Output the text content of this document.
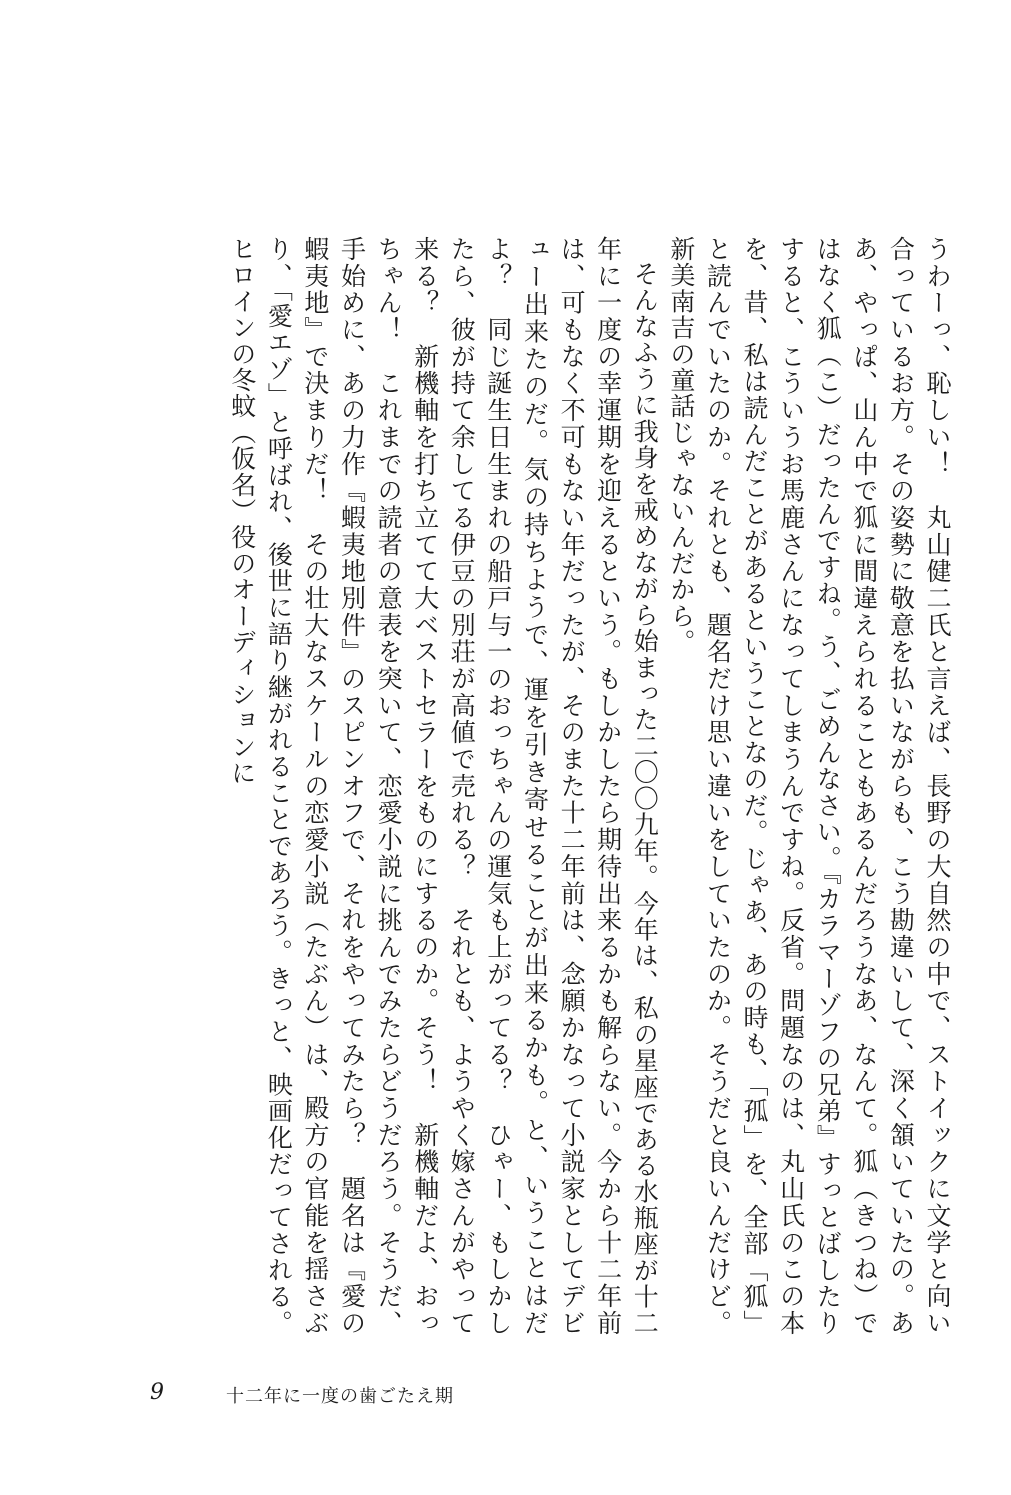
うわーっ、恥しい！　丸山健二氏と言えば、長野の大自然の中で、ストイックに文学と向い合っているお方。その姿勢に敬意を払いながらも、こう勘違いして、深く頷いていたの。ああ、やっぱ、山ん中で狐に間違えられることもあるんだろうなあ、なんて。狐（きつね）ではなく狐（こ）だったんですね。う、ごめんなさい。『カラマーゾフの兄弟』すっとばしたりすると、こういうお馬鹿さんになってしまうんですね。反省。問題なのは、丸山氏のこの本を、昔、私は読んだことがあるということなのだ。じゃあ、あの時も、「孤」を、全部「狐」と読んでいたのか。それとも、題名だけ思い違いをしていたのか。そうだと良いんだけど。新美南吉の童話じゃないんだから。

そんなふうに我身を戒めながら始まった二〇〇九年。今年は、私の星座である水瓶座が十二年に一度の幸運期を迎えるという。もしかしたら期待出来るかも解らない。今から十二年前は、可もなく不可もない年だったが、そのまた十二年前は、念願かなって小説家としてデビュー出来たのだ。気の持ちようで、運を引き寄せることが出来るかも。と、いうことはだよ？　同じ誕生日生まれの船戸与一のおっちゃんの運気も上がってる？　ひゃー、もしかしたら、彼が持て余してる伊豆の別荘が高値で売れる？　それとも、ようやく嫁さんがやって来る？　新機軸を打ち立てて大ベストセラーをものにするのか。そう！　新機軸だよ、おっちゃん！　これまでの読者の意表を突いて、恋愛小説に挑んでみたらどうだろう。そうだ、手始めに、あの力作『蝦夷地別件』のスピンオフで、それをやってみたら？　題名は『愛の蝦夷地』で決まりだ！　その壮大なスケールの恋愛小説（たぶん）は、殿方の官能を揺さぶり、「愛エゾ」と呼ばれ、後世に語り継がれることであろう。きっと、映画化だってされる。ヒロインの冬蚊（仮名）役のオーディションに

9	十二年に一度の歯ごたえ期
